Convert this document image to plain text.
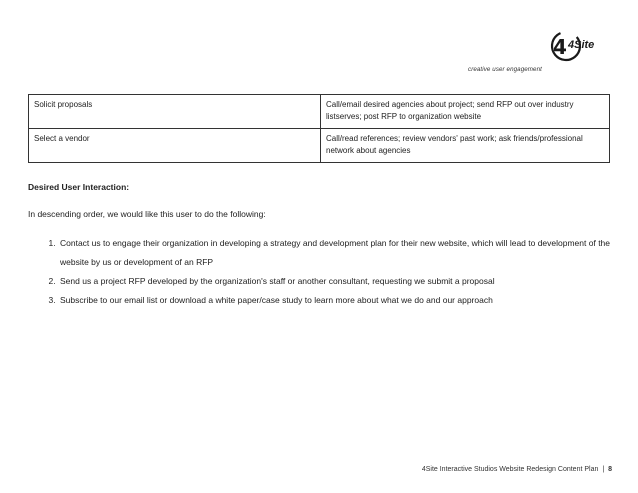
4 4Site
creative user engagement
Solicit proposals	Call/email desired agencies about project; send RFP out over industry listserves; post RFP to organization website
Select a vendor	Call/read references; review vendors' past work; ask friends/professional network about agencies
Desired User Interaction:
In descending order, we would like this user to do the following:
1. Contact us to engage their organization in developing a strategy and development plan for their new website, which will lead to development of the website by us or development of an RFP
2. Send us a project RFP developed by the organization's staff or another consultant, requesting we submit a proposal
3. Subscribe to our email list or download a white paper/case study to learn more about what we do and our approach
4Site Interactive Studios Website Redesign Content Plan | 8
